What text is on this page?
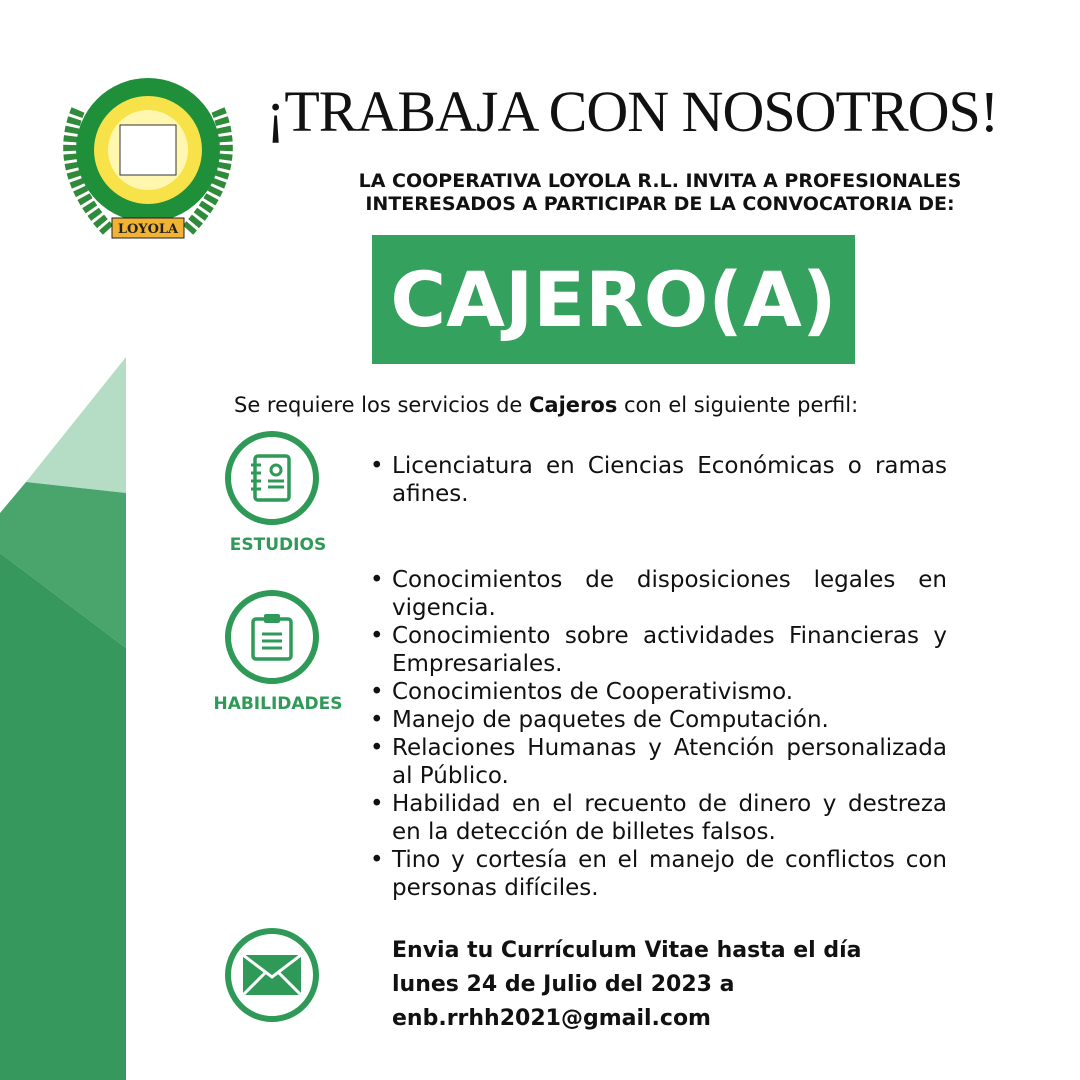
LOYOLA
¡TRABAJA CON NOSOTROS!
LA COOPERATIVA LOYOLA R.L. INVITA A PROFESIONALES
INTERESADOS A PARTICIPAR DE LA CONVOCATORIA DE:
CAJERO(A)
Se requiere los servicios de Cajeros con el siguiente perfil:
ESTUDIOS
HABILIDADES
• Licenciatura en Ciencias Económicas o ramas afines.
• Conocimientos de disposiciones legales en vigencia.
• Conocimiento sobre actividades Financieras y Empresariales.
• Conocimientos de Cooperativismo.
• Manejo de paquetes de Computación.
• Relaciones Humanas y Atención personalizada al Público.
• Habilidad en el recuento de dinero y destreza en la detección de billetes falsos.
• Tino y cortesía en el manejo de conflictos con personas difíciles.
Envia tu Currículum Vitae hasta el día
lunes 24 de Julio del 2023 a
enb.rrhh2021@gmail.com
